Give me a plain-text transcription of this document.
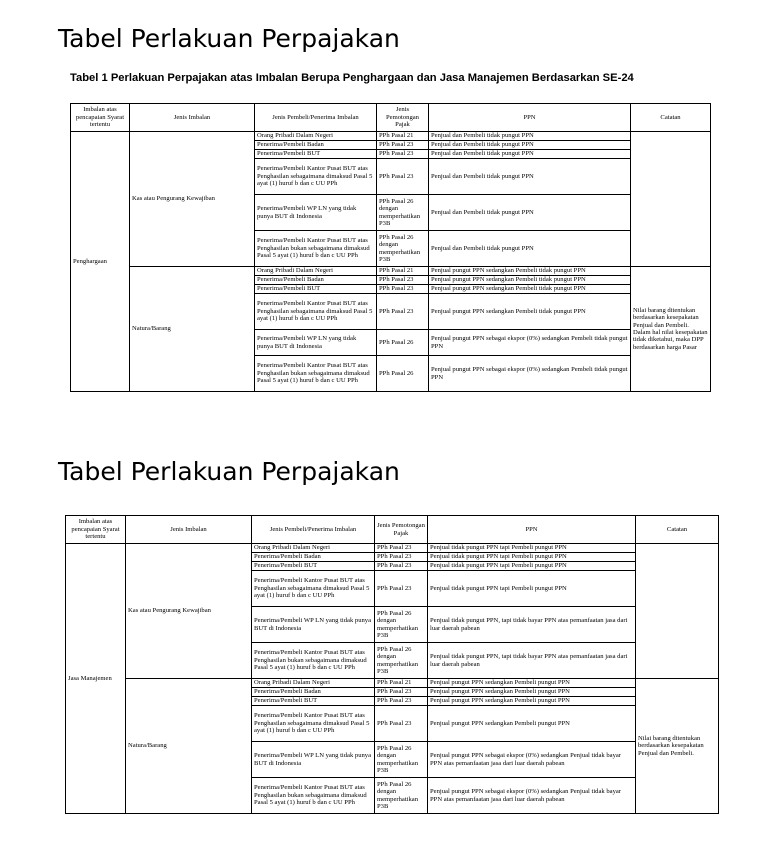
Tabel Perlakuan Perpajakan
Tabel 1 Perlakuan Perpajakan atas Imbalan Berupa Penghargaan dan Jasa Manajemen Berdasarkan SE-24
Imbalan atas pencapaian Syarat tertentu	Jenis Imbalan	Jenis Pembeli/Penerima Imbalan	Jenis Pemotongan Pajak	PPN	Catatan
Penghargaan	Kas atau Pengurang Kewajiban	Orang Pribadi Dalam Negeri	PPh Pasal 21	Penjual dan Pembeli tidak pungut PPN	
		Penerima/Pembeli Badan	PPh Pasal 23	Penjual dan Pembeli tidak pungut PPN	
		Penerima/Pembeli BUT	PPh Pasal 23	Penjual dan Pembeli tidak pungut PPN	
		Penerima/Pembeli Kantor Pusat BUT atas Penghasilan sebagaimana dimaksud Pasal 5 ayat (1) huruf b dan c UU PPh	PPh Pasal 23	Penjual dan Pembeli tidak pungut PPN	
		Penerima/Pembeli WP LN yang tidak punya BUT di Indonesia	PPh Pasal 26 dengan memperhatikan P3B	Penjual dan Pembeli tidak pungut PPN	
		Penerima/Pembeli Kantor Pusat BUT atas Penghasilan bukan sebagaimana dimaksud Pasal 5 ayat (1) huruf b dan c UU PPh	PPh Pasal 26 dengan memperhatikan P3B	Penjual dan Pembeli tidak pungut PPN	
	Natura/Barang	Orang Pribadi Dalam Negeri	PPh Pasal 21	Penjual pungut PPN sedangkan Pembeli tidak pungut PPN	Nilai barang ditentukan berdasarkan kesepakatan Penjual dan Pembeli. Dalam hal nilai kesepakatan tidak diketahui, maka DPP berdasarkan harga Pasar
		Penerima/Pembeli Badan	PPh Pasal 23	Penjual pungut PPN sedangkan Pembeli tidak pungut PPN	
		Penerima/Pembeli BUT	PPh Pasal 23	Penjual pungut PPN sedangkan Pembeli tidak pungut PPN	
		Penerima/Pembeli Kantor Pusat BUT atas Penghasilan sebagaimana dimaksud Pasal 5 ayat (1) huruf b dan c UU PPh	PPh Pasal 23	Penjual pungut PPN sedangkan Pembeli tidak pungut PPN	
		Penerima/Pembeli WP LN yang tidak punya BUT di Indonesia	PPh Pasal 26	Penjual pungut PPN sebagai ekspor (0%) sedangkan Pembeli tidak pungut PPN	
		Penerima/Pembeli Kantor Pusat BUT atas Penghasilan bukan sebagaimana dimaksud Pasal 5 ayat (1) huruf b dan c UU PPh	PPh Pasal 26	Penjual pungut PPN sebagai ekspor (0%) sedangkan Pembeli tidak pungut PPN	
Tabel Perlakuan Perpajakan
Imbalan atas pencapaian Syarat tertentu	Jenis Imbalan	Jenis Pembeli/Penerima Imbalan	Jenis Pemotongan Pajak	PPN	Catatan
Jasa Manajemen	Kas atau Pengurang Kewajiban	Orang Pribadi Dalam Negeri	PPh Pasal 23	Penjual tidak pungut PPN tapi Pembeli pungut PPN	
		Penerima/Pembeli Badan	PPh Pasal 23	Penjual tidak pungut PPN tapi Pembeli pungut PPN	
		Penerima/Pembeli BUT	PPh Pasal 23	Penjual tidak pungut PPN tapi Pembeli pungut PPN	
		Penerima/Pembeli Kantor Pusat BUT atas Penghasilan sebagaimana dimaksud Pasal 5 ayat (1) huruf b dan c UU PPh	PPh Pasal 23	Penjual tidak pungut PPN tapi Pembeli pungut PPN	
		Penerima/Pembeli WP LN yang tidak punya BUT di Indonesia	PPh Pasal 26 dengan memperhatikan P3B	Penjual tidak pungut PPN, tapi tidak bayar PPN atas pemanfaatan jasa dari luar daerah pabean	
		Penerima/Pembeli Kantor Pusat BUT atas Penghasilan bukan sebagaimana dimaksud Pasal 5 ayat (1) huruf b dan c UU PPh	PPh Pasal 26 dengan memperhatikan P3B	Penjual tidak pungut PPN, tapi tidak bayar PPN atas pemanfaatan jasa dari luar daerah pabean	
	Natura/Barang	Orang Pribadi Dalam Negeri	PPh Pasal 21	Penjual pungut PPN sedangkan Pembeli pungut PPN	Nilai barang ditentukan berdasarkan kesepakatan Penjual dan Pembeli.
		Penerima/Pembeli Badan	PPh Pasal 23	Penjual pungut PPN sedangkan Pembeli pungut PPN	
		Penerima/Pembeli BUT	PPh Pasal 23	Penjual pungut PPN sedangkan Pembeli pungut PPN	
		Penerima/Pembeli Kantor Pusat BUT atas Penghasilan sebagaimana dimaksud Pasal 5 ayat (1) huruf b dan c UU PPh	PPh Pasal 23	Penjual pungut PPN sedangkan Pembeli pungut PPN	
		Penerima/Pembeli WP LN yang tidak punya BUT di Indonesia	PPh Pasal 26 dengan memperhatikan P3B	Penjual pungut PPN sebagai ekspor (0%) sedangkan Penjual tidak bayar PPN atas pemanfaatan jasa dari luar daerah pabean	
		Penerima/Pembeli Kantor Pusat BUT atas Penghasilan bukan sebagaimana dimaksud Pasal 5 ayat (1) huruf b dan c UU PPh	PPh Pasal 26 dengan memperhatikan P3B	Penjual pungut PPN sebagai ekspor (0%) sedangkan Penjual tidak bayar PPN atas pemanfaatan jasa dari luar daerah pabean	
